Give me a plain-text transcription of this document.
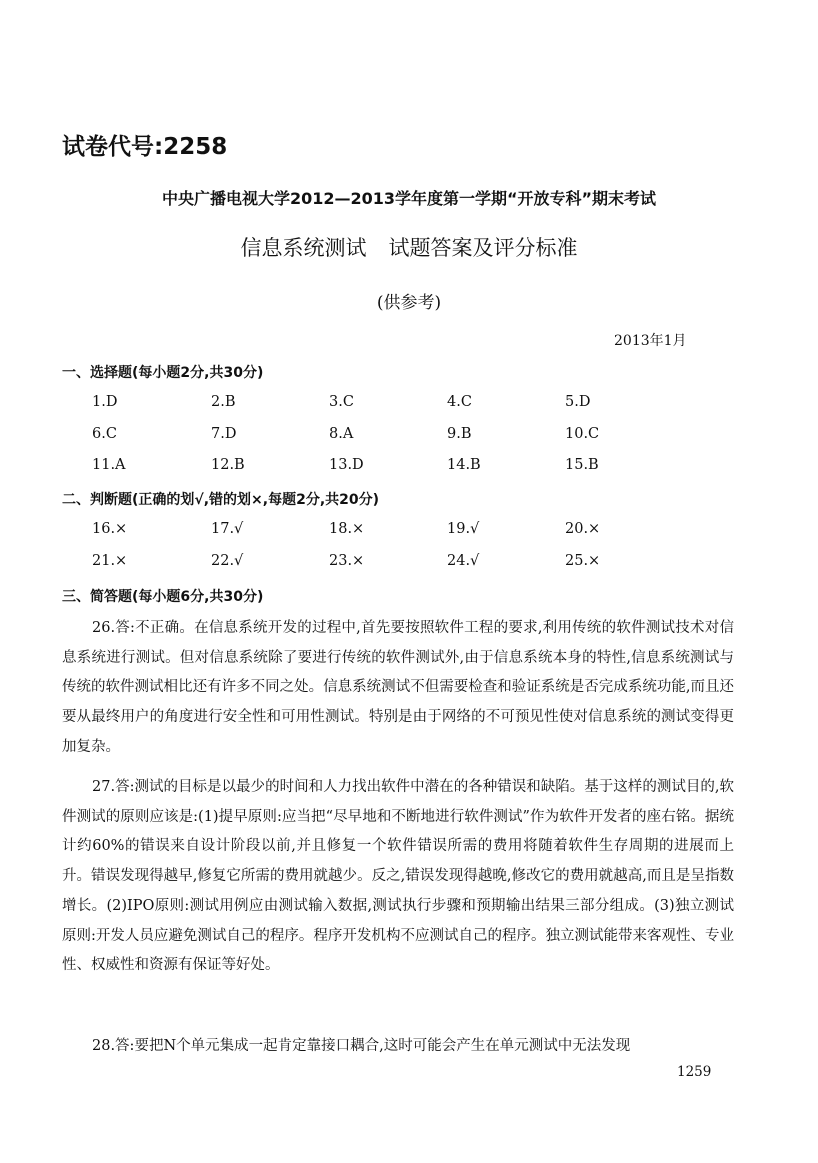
试卷代号:2258
中央广播电视大学2012—2013学年度第一学期“开放专科”期末考试
信息系统测试 试题答案及评分标准
(供参考)
2013年1月
一、选择题(每小题2分,共30分)
1.D	2.B	3.C	4.C	5.D
6.C	7.D	8.A	9.B	10.C
11.A	12.B	13.D	14.B	15.B
二、判断题(正确的划√,错的划×,每题2分,共20分)
16.×	17.√	18.×	19.√	20.×
21.×	22.√	23.×	24.√	25.×
三、简答题(每小题6分,共30分)
26.答:不正确。在信息系统开发的过程中,首先要按照软件工程的要求,利用传统的软件测试技术对信息系统进行测试。但对信息系统除了要进行传统的软件测试外,由于信息系统本身的特性,信息系统测试与传统的软件测试相比还有许多不同之处。信息系统测试不但需要检查和验证系统是否完成系统功能,而且还要从最终用户的角度进行安全性和可用性测试。特别是由于网络的不可预见性使对信息系统的测试变得更加复杂。
27.答:测试的目标是以最少的时间和人力找出软件中潜在的各种错误和缺陷。基于这样的测试目的,软件测试的原则应该是:(1)提早原则:应当把“尽早地和不断地进行软件测试”作为软件开发者的座右铭。据统计约60%的错误来自设计阶段以前,并且修复一个软件错误所需的费用将随着软件生存周期的进展而上升。错误发现得越早,修复它所需的费用就越少。反之,错误发现得越晚,修改它的费用就越高,而且是呈指数增长。(2)IPO原则:测试用例应由测试输入数据,测试执行步骤和预期输出结果三部分组成。(3)独立测试原则:开发人员应避免测试自己的程序。程序开发机构不应测试自己的程序。独立测试能带来客观性、专业性、权威性和资源有保证等好处。
28.答:要把N个单元集成一起肯定靠接口耦合,这时可能会产生在单元测试中无法发现
1259
